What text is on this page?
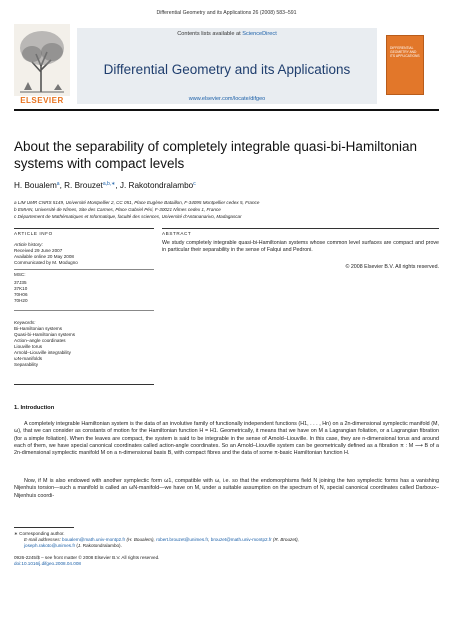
Differential Geometry and its Applications 26 (2008) 583–591
ELSEVIER
Contents lists available at ScienceDirect
Differential Geometry and its Applications
www.elsevier.com/locate/difgeo
DIFFERENTIAL GEOMETRY AND ITS APPLICATIONS
About the separability of completely integrable quasi-bi-Hamiltonian systems with compact levels
H. Boualem$^a$, R. Brouzet$^{a,b,∗}$, J. Rakotondralambo$^c$
a LIM UMR CNRS 5149, Université Montpellier 2, CC 051, Place Eugène Bataillon, F-34095 Montpellier cedex 5, France
b EMIAN, Université de Nîmes, Site des Carmes, Place Gabriel Péri, F-30021 Nîmes cedex 1, France
c Département de Mathématiques et Informatique, faculté des sciences, Université d'Antananarivo, Madagascar
ARTICLE INFO	ABSTRACT
Article history:
Received 29 June 2007
Available online 20 May 2008
Communicated by M. Modugno
MSC:
37J35
37K10
70H06
70H20
Keywords:
Bi-Hamiltonian systems
Quasi-bi-Hamiltonian systems
Action–angle coordinates
Liouville torus
Arnold–Liouville integrability
ωN-manifolds
Separability
We study completely integrable quasi-bi-Hamiltonian systems whose common level surfaces are compact and prove in particular their separability in the sense of Falqui and Pedroni.
© 2008 Elsevier B.V. All rights reserved.
1. Introduction
A completely integrable Hamiltonian system is the data of an involutive family of functionally independent functions (H1, . . . , Hn) on a 2n-dimensional symplectic manifold (M, ω), that we can consider as constants of motion for the Hamiltonian function H = H1. Geometrically, it means that we have on M a Lagrangian foliation, or a Lagrangian fibration (for a simple foliation). When the leaves are compact, the system is said to be integrable in the sense of Arnold–Liouville. In this case, they are n-dimensional torus and around each of them, we have special canonical coordinates called action-angle coordinates. So an Arnold–Liouville system can be geometrically defined as a fibration π : M ⟶ B of a 2n-dimensional symplectic manifold M on a n-dimensional basis B, with compact fibres and the data of some π-basic Hamiltonian function H.
Now, if M is also endowed with another symplectic form ω1, compatible with ω, i.e. so that the endomorphisms field N joining the two symplectic forms has a vanishing Nijenhuis torsion—such a manifold is called an ωN-manifold—we have on M, under a suitable assumption on the spectrum of N, special canonical coordinates called Darboux–Nijenhuis coordi-
∗ Corresponding author.
E-mail addresses: boualem@math.univ-montp2.fr (H. Boualem), robert.brouzet@unimes.fr, brouzet@math.univ-montp2.fr (R. Brouzet),
joseph.rakoto@unimes.fr (J. Rakotondralambo).
0926-2245/$ – see front matter © 2008 Elsevier B.V. All rights reserved.
doi:10.1016/j.difgeo.2008.04.008
